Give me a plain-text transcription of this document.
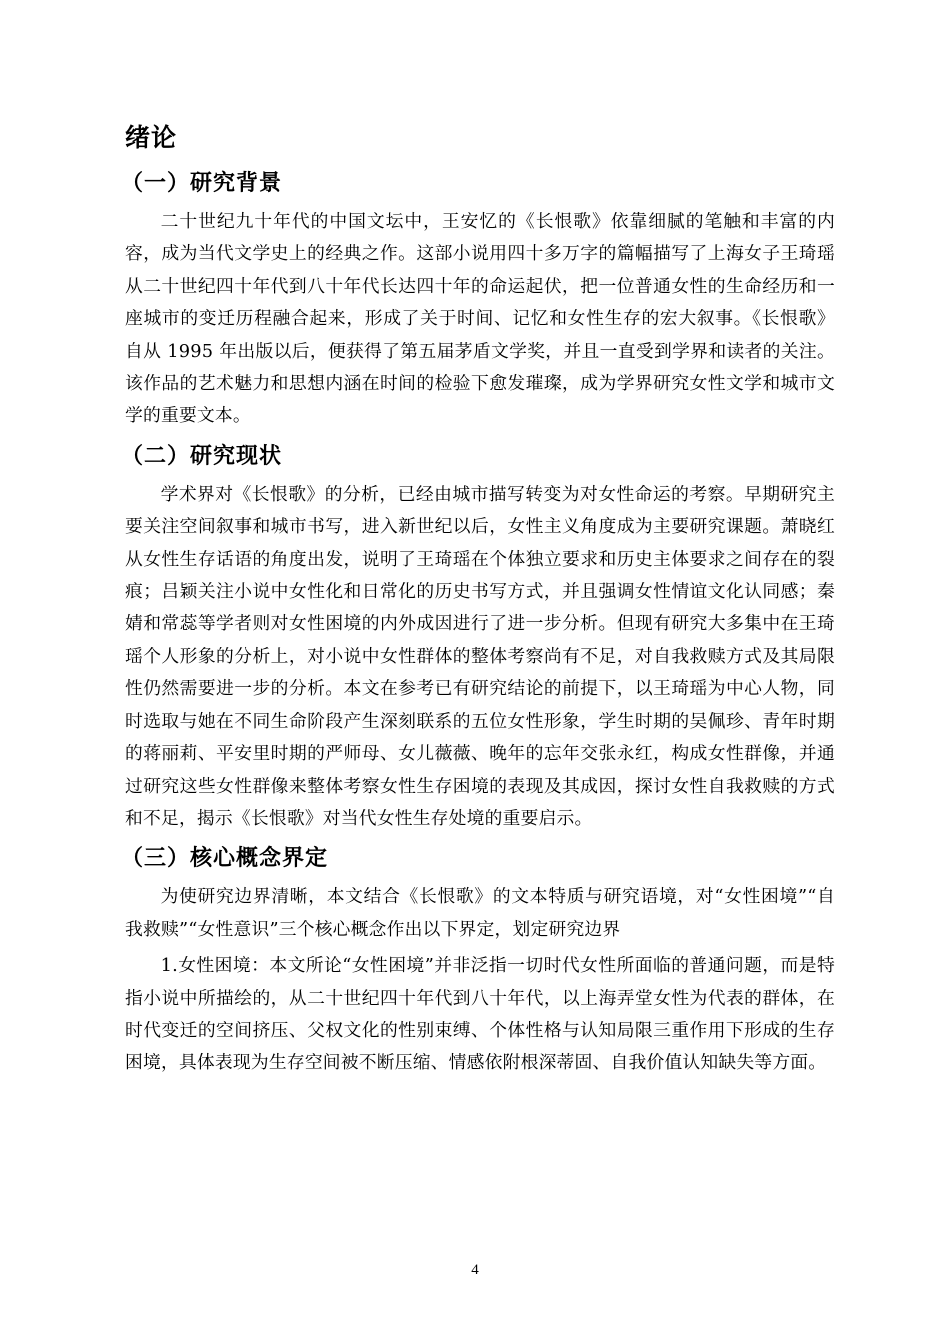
绪论
（一）研究背景

二十世纪九十年代的中国文坛中，王安忆的《长恨歌》依靠细腻的笔触和丰富的内容，成为当代文学史上的经典之作。这部小说用四十多万字的篇幅描写了上海女子王琦瑶从二十世纪四十年代到八十年代长达四十年的命运起伏，把一位普通女性的生命经历和一座城市的变迁历程融合起来，形成了关于时间、记忆和女性生存的宏大叙事。《长恨歌》自从 1995 年出版以后，便获得了第五届茅盾文学奖，并且一直受到学界和读者的关注。该作品的艺术魅力和思想内涵在时间的检验下愈发璀璨，成为学界研究女性文学和城市文学的重要文本。

（二）研究现状

学术界对《长恨歌》的分析，已经由城市描写转变为对女性命运的考察。早期研究主要关注空间叙事和城市书写，进入新世纪以后，女性主义角度成为主要研究课题。萧晓红从女性生存话语的角度出发，说明了王琦瑶在个体独立要求和历史主体要求之间存在的裂痕；吕颖关注小说中女性化和日常化的历史书写方式，并且强调女性情谊文化认同感；秦婧和常蕊等学者则对女性困境的内外成因进行了进一步分析。但现有研究大多集中在王琦瑶个人形象的分析上，对小说中女性群体的整体考察尚有不足，对自我救赎方式及其局限性仍然需要进一步的分析。本文在参考已有研究结论的前提下，以王琦瑶为中心人物，同时选取与她在不同生命阶段产生深刻联系的五位女性形象，学生时期的吴佩珍、青年时期的蒋丽莉、平安里时期的严师母、女儿薇薇、晚年的忘年交张永红，构成女性群像，并通过研究这些女性群像来整体考察女性生存困境的表现及其成因，探讨女性自我救赎的方式和不足，揭示《长恨歌》对当代女性生存处境的重要启示。

（三）核心概念界定

为使研究边界清晰，本文结合《长恨歌》的文本特质与研究语境，对“女性困境”“自我救赎”“女性意识”三个核心概念作出以下界定，划定研究边界

1.女性困境：本文所论“女性困境”并非泛指一切时代女性所面临的普通问题，而是特指小说中所描绘的，从二十世纪四十年代到八十年代，以上海弄堂女性为代表的群体，在时代变迁的空间挤压、父权文化的性别束缚、个体性格与认知局限三重作用下形成的生存困境，具体表现为生存空间被不断压缩、情感依附根深蒂固、自我价值认知缺失等方面。

4
